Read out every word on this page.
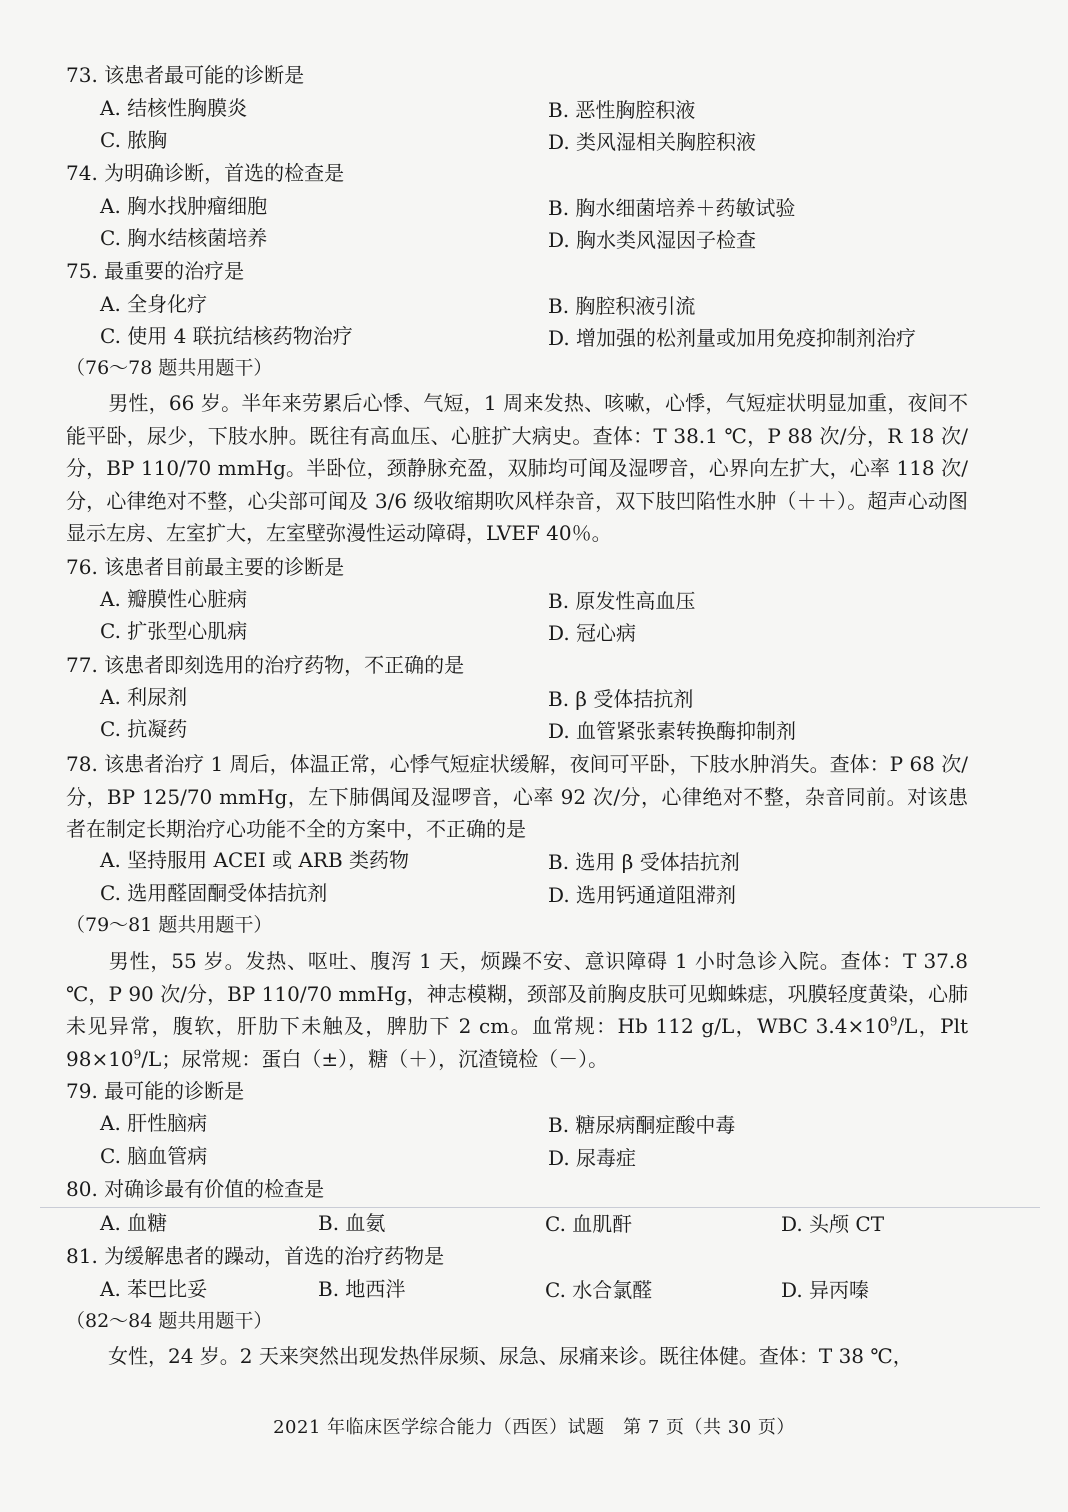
73. 该患者最可能的诊断是
A. 结核性胸膜炎	B. 恶性胸腔积液
C. 脓胸	D. 类风湿相关胸腔积液
74. 为明确诊断，首选的检查是
A. 胸水找肿瘤细胞	B. 胸水细菌培养＋药敏试验
C. 胸水结核菌培养	D. 胸水类风湿因子检查
75. 最重要的治疗是
A. 全身化疗	B. 胸腔积液引流
C. 使用 4 联抗结核药物治疗	D. 增加强的松剂量或加用免疫抑制剂治疗
（76～78 题共用题干）
男性，66 岁。半年来劳累后心悸、气短，1 周来发热、咳嗽，心悸，气短症状明显加重，夜间不能平卧，尿少，下肢水肿。既往有高血压、心脏扩大病史。查体：T 38.1 ℃，P 88 次/分，R 18 次/分，BP 110/70 mmHg。半卧位，颈静脉充盈，双肺均可闻及湿啰音，心界向左扩大，心率 118 次/分，心律绝对不整，心尖部可闻及 3/6 级收缩期吹风样杂音，双下肢凹陷性水肿（＋＋）。超声心动图显示左房、左室扩大，左室壁弥漫性运动障碍，LVEF 40％。
76. 该患者目前最主要的诊断是
A. 瓣膜性心脏病	B. 原发性高血压
C. 扩张型心肌病	D. 冠心病
77. 该患者即刻选用的治疗药物，不正确的是
A. 利尿剂	B. β 受体拮抗剂
C. 抗凝药	D. 血管紧张素转换酶抑制剂
78. 该患者治疗 1 周后，体温正常，心悸气短症状缓解，夜间可平卧，下肢水肿消失。查体：P 68 次/分，BP 125/70 mmHg，左下肺偶闻及湿啰音，心率 92 次/分，心律绝对不整，杂音同前。对该患者在制定长期治疗心功能不全的方案中，不正确的是
A. 坚持服用 ACEI 或 ARB 类药物	B. 选用 β 受体拮抗剂
C. 选用醛固酮受体拮抗剂	D. 选用钙通道阻滞剂
（79～81 题共用题干）
男性，55 岁。发热、呕吐、腹泻 1 天，烦躁不安、意识障碍 1 小时急诊入院。查体：T 37.8 ℃，P 90 次/分，BP 110/70 mmHg，神志模糊，颈部及前胸皮肤可见蜘蛛痣，巩膜轻度黄染，心肺未见异常，腹软，肝肋下未触及，脾肋下 2 cm。血常规：Hb 112 g/L，WBC $3.4\times 10^9/L$，Plt $98\times 10^9/L$；尿常规：蛋白（±），糖（＋），沉渣镜检（－）。
79. 最可能的诊断是
A. 肝性脑病	B. 糖尿病酮症酸中毒
C. 脑血管病	D. 尿毒症
80. 对确诊最有价值的检查是
A. 血糖	B. 血氨	C. 血肌酐	D. 头颅 CT
81. 为缓解患者的躁动，首选的治疗药物是
A. 苯巴比妥	B. 地西泮	C. 水合氯醛	D. 异丙嗪
（82～84 题共用题干）
女性，24 岁。2 天来突然出现发热伴尿频、尿急、尿痛来诊。既往体健。查体：T 38 ℃，
2021 年临床医学综合能力（西医）试题　第 7 页（共 30 页）
